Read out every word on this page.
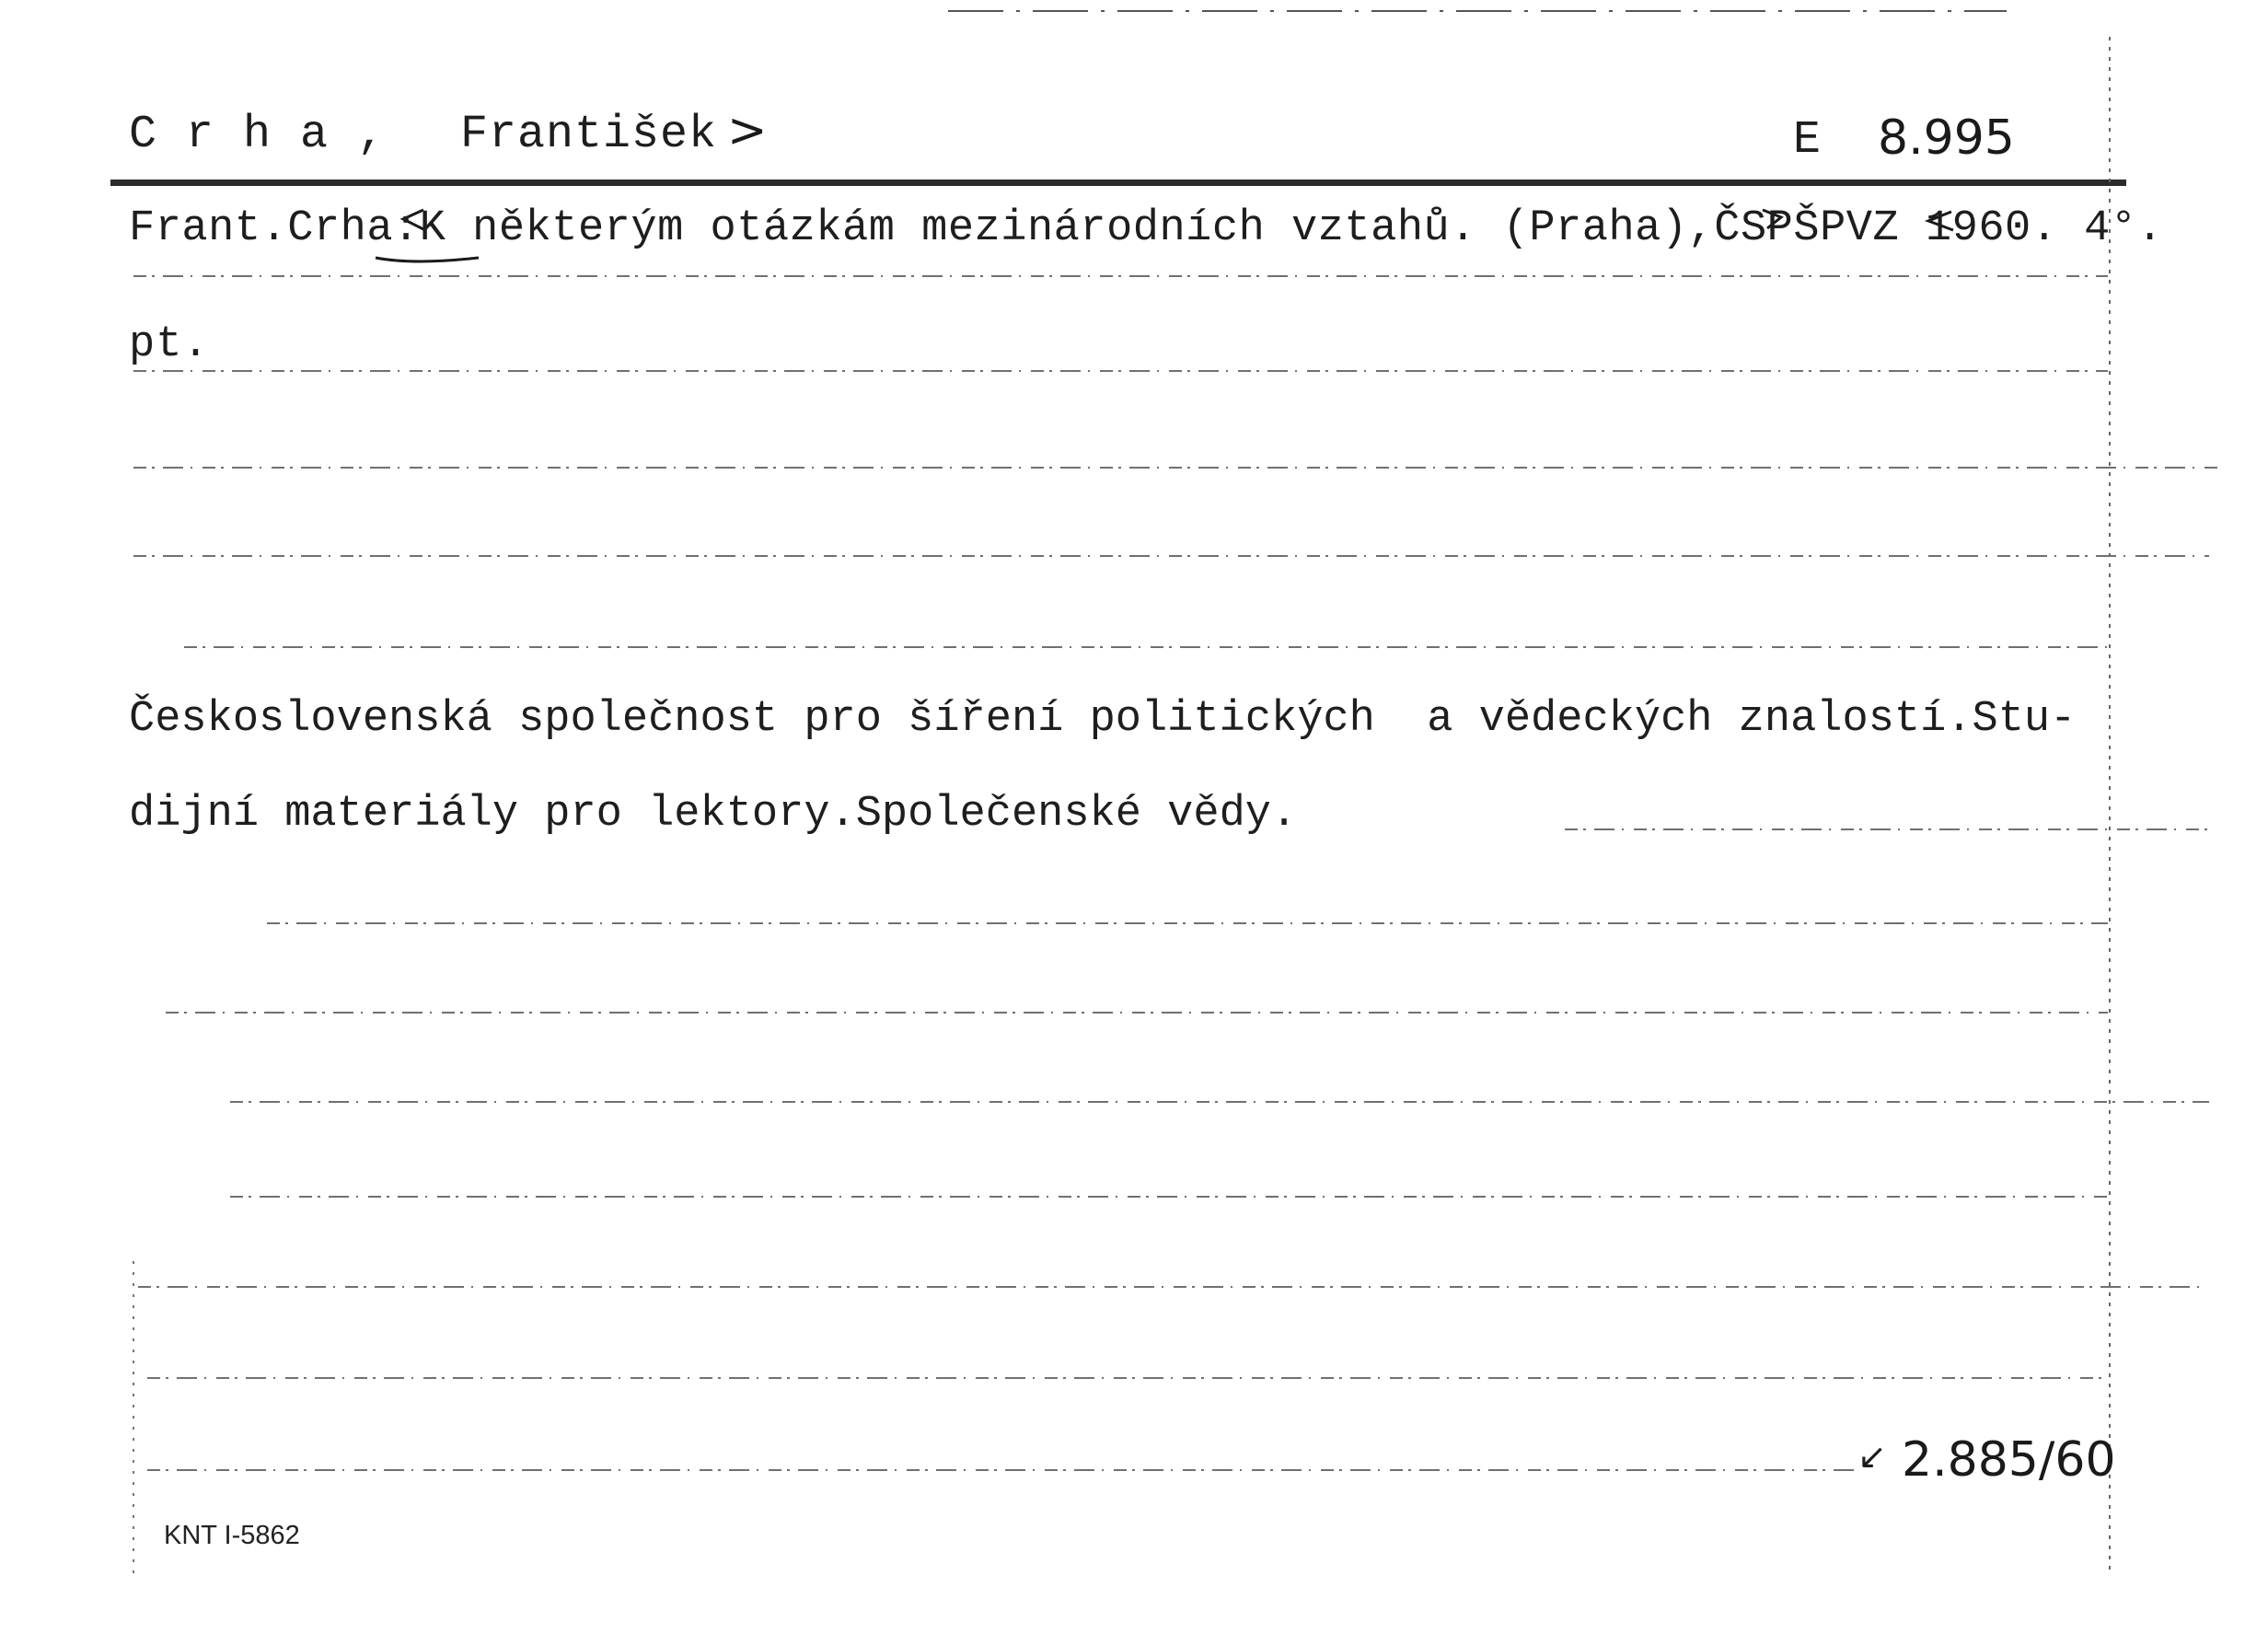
C r h a , František >	E 8.995
Frant.Crha:K některým otázkám mezinárodních vztahů. (Praha),ČSPŠPVZ 1960. 4°.
pt.
Československá společnost pro šíření politických  a vědeckých znalostí.Stu-
dijní materiály pro lektory.Společenské vědy.
↙ 2.885/60
KNT I-5862
